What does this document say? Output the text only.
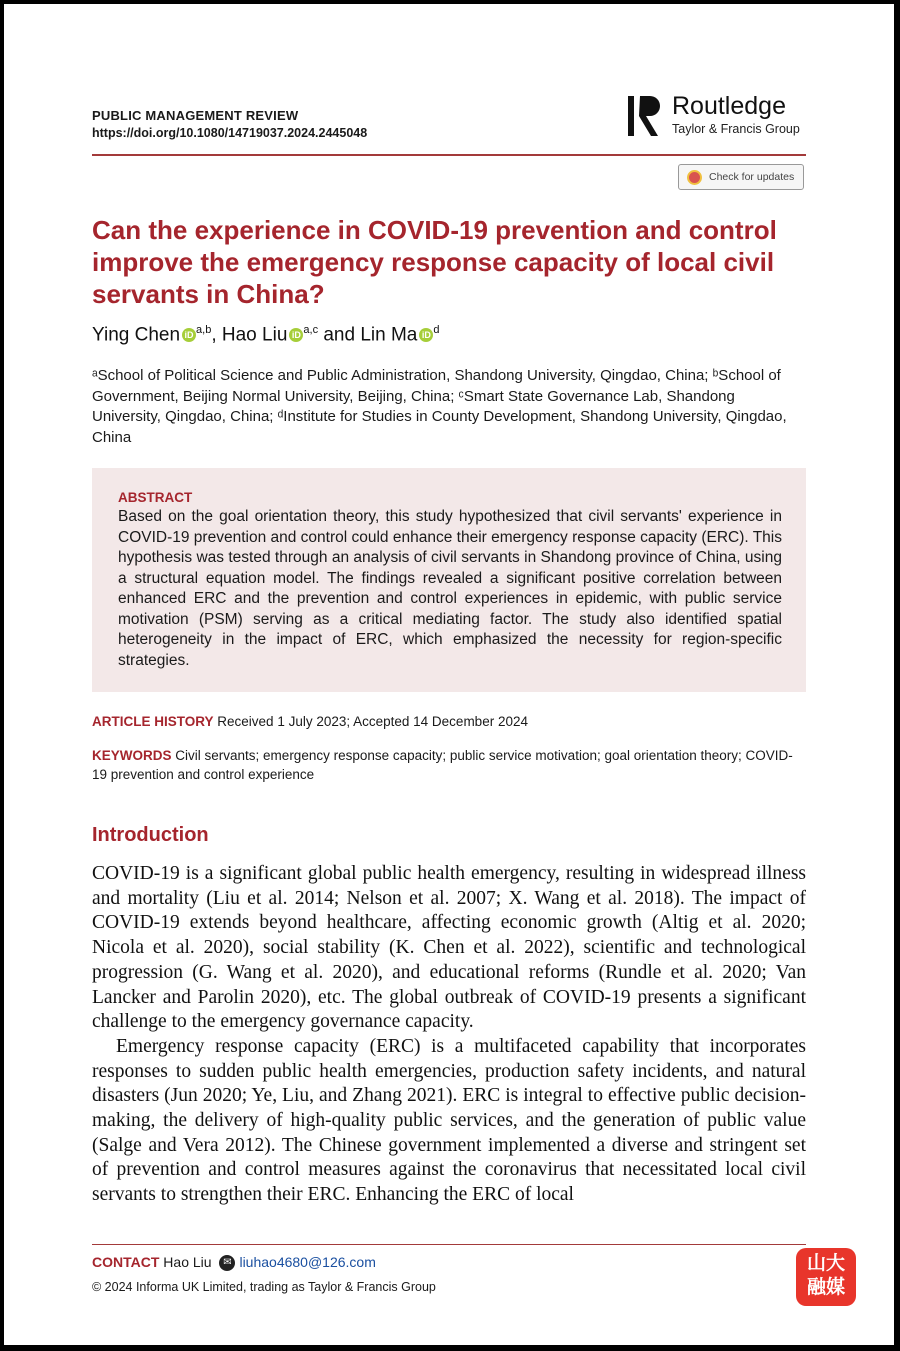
PUBLIC MANAGEMENT REVIEW
https://doi.org/10.1080/14719037.2024.2445048
Routledge
Taylor & Francis Group
Check for updates
Can the experience in COVID-19 prevention and control improve the emergency response capacity of local civil servants in China?
Ying Chen iD $^{a,b}$, Hao Liu iD $^{a,c}$ and Lin Ma iD $^d$
ᵃSchool of Political Science and Public Administration, Shandong University, Qingdao, China; ᵇSchool of Government, Beijing Normal University, Beijing, China; ᶜSmart State Governance Lab, Shandong University, Qingdao, China; ᵈInstitute for Studies in County Development, Shandong University, Qingdao, China
ABSTRACT
Based on the goal orientation theory, this study hypothesized that civil servants' experience in COVID-19 prevention and control could enhance their emergency response capacity (ERC). This hypothesis was tested through an analysis of civil servants in Shandong province of China, using a structural equation model. The findings revealed a significant positive correlation between enhanced ERC and the prevention and control experiences in epidemic, with public service motivation (PSM) serving as a critical mediating factor. The study also identified spatial heterogeneity in the impact of ERC, which emphasized the necessity for region-specific strategies.
ARTICLE HISTORY Received 1 July 2023; Accepted 14 December 2024
KEYWORDS Civil servants; emergency response capacity; public service motivation; goal orientation theory; COVID-19 prevention and control experience
Introduction

COVID-19 is a significant global public health emergency, resulting in widespread illness and mortality (Liu et al. 2014; Nelson et al. 2007; X. Wang et al. 2018). The impact of COVID-19 extends beyond healthcare, affecting economic growth (Altig et al. 2020; Nicola et al. 2020), social stability (K. Chen et al. 2022), scientific and technological progression (G. Wang et al. 2020), and educational reforms (Rundle et al. 2020; Van Lancker and Parolin 2020), etc. The global outbreak of COVID-19 presents a significant challenge to the emergency governance capacity.

Emergency response capacity (ERC) is a multifaceted capability that incorporates responses to sudden public health emergencies, production safety incidents, and natural disasters (Jun 2020; Ye, Liu, and Zhang 2021). ERC is integral to effective public decision-making, the delivery of high-quality public services, and the generation of public value (Salge and Vera 2012). The Chinese government implemented a diverse and stringent set of prevention and control measures against the coronavirus that necessitated local civil servants to strengthen their ERC. Enhancing the ERC of local

CONTACT Hao Liu ✉ liuhao4680@126.com
© 2024 Informa UK Limited, trading as Taylor & Francis Group
山大
融媒
